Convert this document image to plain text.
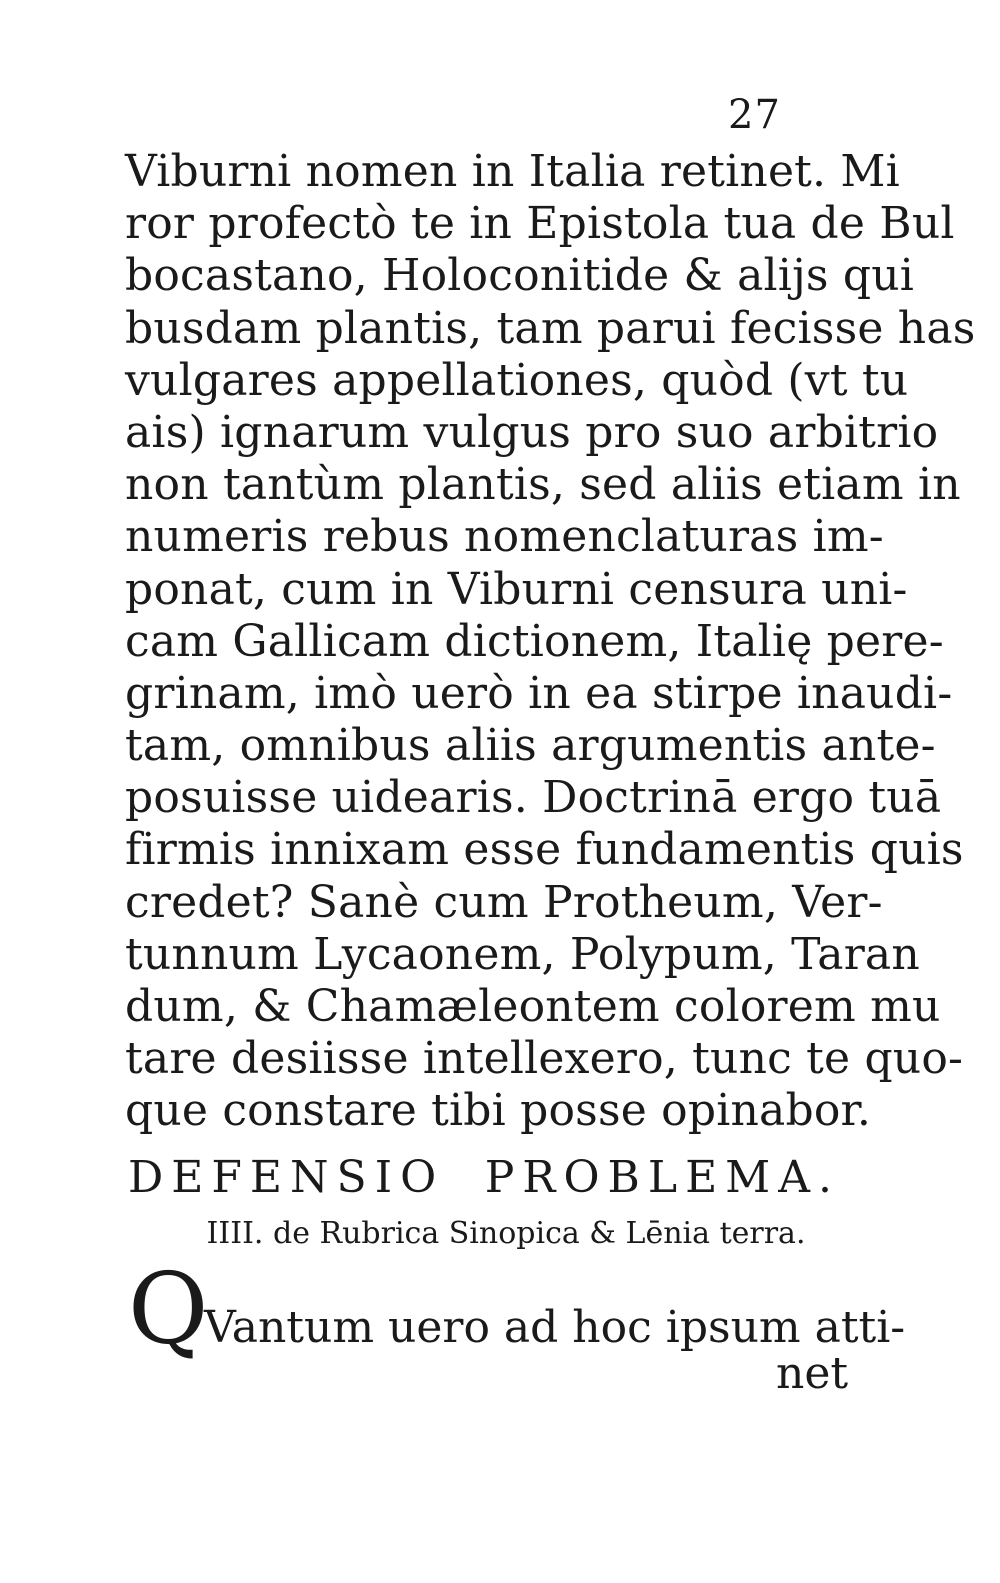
27
Viburni nomen in Italia retinet. Mi
ror profectò te in Epistola tua de Bul
bocastano, Holoconitide & alijs qui
busdam plantis, tam parui fecisse has
vulgares appellationes, quòd (vt tu
ais) ignarum vulgus pro suo arbitrio
non tantùm plantis, sed aliis etiam in
numeris rebus nomenclaturas im-
ponat, cum in Viburni censura uni-
cam Gallicam dictionem, Italię pere-
grinam, imò uerò in ea stirpe inaudi-
tam, omnibus aliis argumentis ante-
posuisse uidearis. Doctrinā ergo tuā
firmis innixam esse fundamentis quis
credet? Sanè cum Protheum, Ver-
tunnum Lycaonem, Polypum, Taran
dum, & Chamæleontem colorem mu
tare desiisse intellexero, tunc te quo-
que constare tibi posse opinabor.
DEFENSIO PROBLEMA.
IIII. de Rubrica Sinopica & Lēnia terra.
Q
Vantum uero ad hoc ipsum atti-
net
